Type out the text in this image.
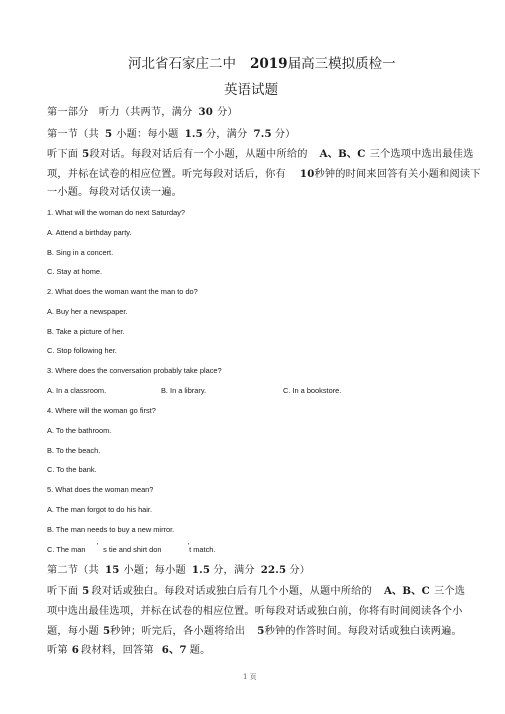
河北省石家庄二中 2019届高三模拟质检一
英语试题
第一部分　听力（共两节，满分 30 分）
第一节（共 5 小题：每小题 1.5 分，满分 7.5 分）
听下面 5段对话。每段对话后有一个小题，从题中所给的 A、B、C 三个选项中选出最佳选
项，并标在试卷的相应位置。听完每段对话后，你有 10秒钟的时间来回答有关小题和阅读下
一小题。每段对话仅读一遍。
1. What will the woman do next Saturday?
A. Attend a birthday party.
B. Sing in a concert.
C. Stay at home.
2. What does the woman want the man to do?
A. Buy her a newspaper.
B. Take a picture of her.
C. Stop following her.
3. Where does the conversation probably take place?
A. In a classroom.	B. In a library.	C. In a bookstore.
4. Where will the woman go first?
A. To the bathroom.
B. To the beach.
C. To the bank.
5. What does the woman mean?
A. The man forgot to do his hair.
B. The man needs to buy a new mirror.
C. The man ’ s tie and shirt don	’t match.
第二节（共 15 小题；每小题 1.5 分，满分 22.5 分）
听下面 5 段对话或独白。每段对话或独白后有几个小题，从题中所给的 A、B、C 三个选
项中选出最佳选项，并标在试卷的相应位置。听每段对话或独白前，你将有时间阅读各个小
题，每小题 5秒钟；听完后，各小题将给出 5秒钟的作答时间。每段对话或独白读两遍。
听第 6 段材料，回答第 6、7 题。
1 页
